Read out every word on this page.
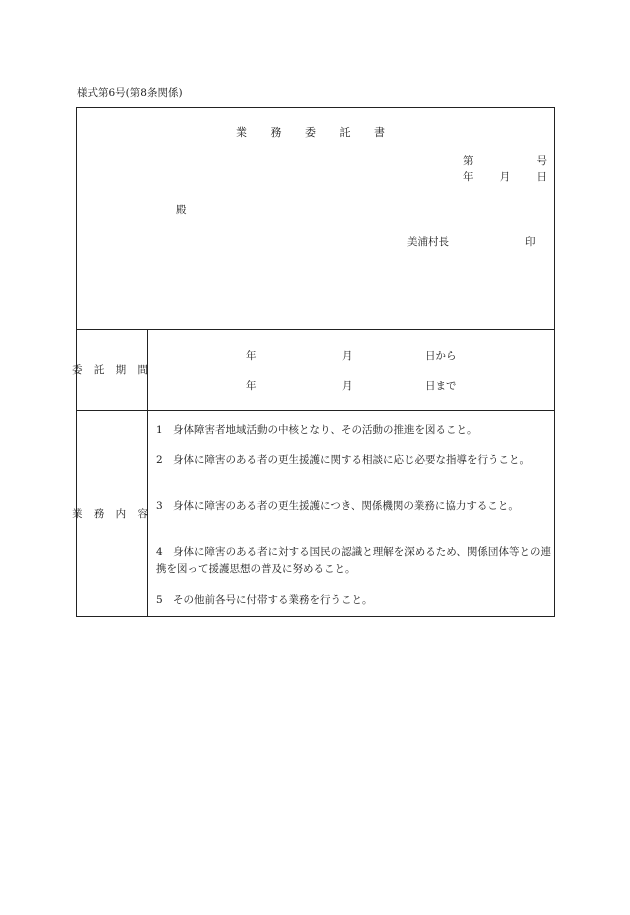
様式第6号(第8条関係)
業 務 委 託 書
第	号
年	月	日
殿
美浦村長	印
委 託 期 間
年	月	日から
年	月	日まで
業 務 内 容
1 身体障害者地域活動の中核となり、その活動の推進を図ること。
2 身体に障害のある者の更生援護に関する相談に応じ必要な指導を行うこと。
3 身体に障害のある者の更生援護につき、関係機関の業務に協力すること。
4 身体に障害のある者に対する国民の認識と理解を深めるため、関係団体等との連携を図って援護思想の普及に努めること。
5 その他前各号に付帯する業務を行うこと。
